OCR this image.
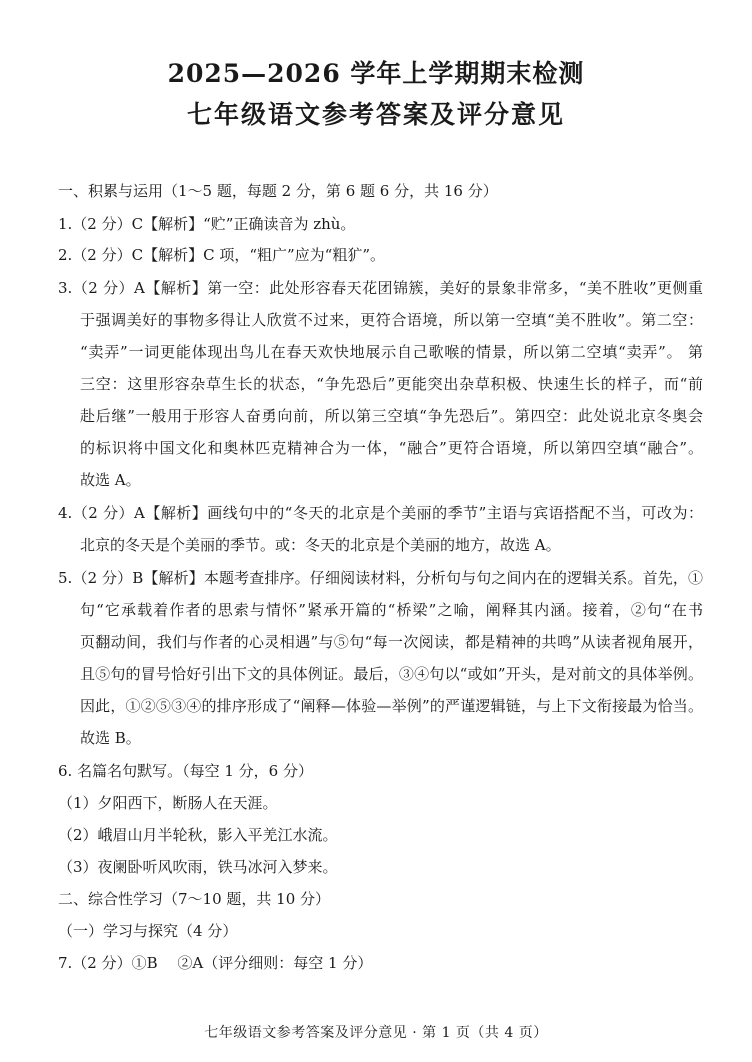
2025—2026 学年上学期期末检测
七年级语文参考答案及评分意见
一、积累与运用（1～5 题，每题 2 分，第 6 题 6 分，共 16 分）
1.（2 分）C【解析】“贮”正确读音为 zhù。
2.（2 分）C【解析】C 项，“粗广”应为“粗犷”。
3.（2 分）A【解析】第一空：此处形容春天花团锦簇，美好的景象非常多，“美不胜收”更侧重
于强调美好的事物多得让人欣赏不过来，更符合语境，所以第一空填“美不胜收”。第二空：
“卖弄”一词更能体现出鸟儿在春天欢快地展示自己歌喉的情景，所以第二空填“卖弄”。 第
三空：这里形容杂草生长的状态，“争先恐后”更能突出杂草积极、快速生长的样子，而“前
赴后继”一般用于形容人奋勇向前，所以第三空填“争先恐后”。第四空：此处说北京冬奥会
的标识将中国文化和奥林匹克精神合为一体，“融合”更符合语境，所以第四空填“融合”。
故选 A。
4.（2 分）A【解析】画线句中的“冬天的北京是个美丽的季节”主语与宾语搭配不当，可改为：
北京的冬天是个美丽的季节。或：冬天的北京是个美丽的地方，故选 A。
5.（2 分）B【解析】本题考查排序。仔细阅读材料，分析句与句之间内在的逻辑关系。首先，①
句“它承载着作者的思索与情怀”紧承开篇的“桥梁”之喻，阐释其内涵。接着，②句“在书
页翻动间，我们与作者的心灵相遇”与⑤句“每一次阅读，都是精神的共鸣”从读者视角展开，
且⑤句的冒号恰好引出下文的具体例证。最后，③④句以“或如”开头，是对前文的具体举例。
因此，①②⑤③④的排序形成了“阐释—体验—举例”的严谨逻辑链，与上下文衔接最为恰当。
故选 B。
6. 名篇名句默写。（每空 1 分，6 分）
（1）夕阳西下，断肠人在天涯。
（2）峨眉山月半轮秋，影入平羌江水流。
（3）夜阑卧听风吹雨，铁马冰河入梦来。
二、综合性学习（7～10 题，共 10 分）
（一）学习与探究（4 分）
7.（2 分）①B　 ②A（评分细则：每空 1 分）
七年级语文参考答案及评分意见 · 第 1 页（共 4 页）
